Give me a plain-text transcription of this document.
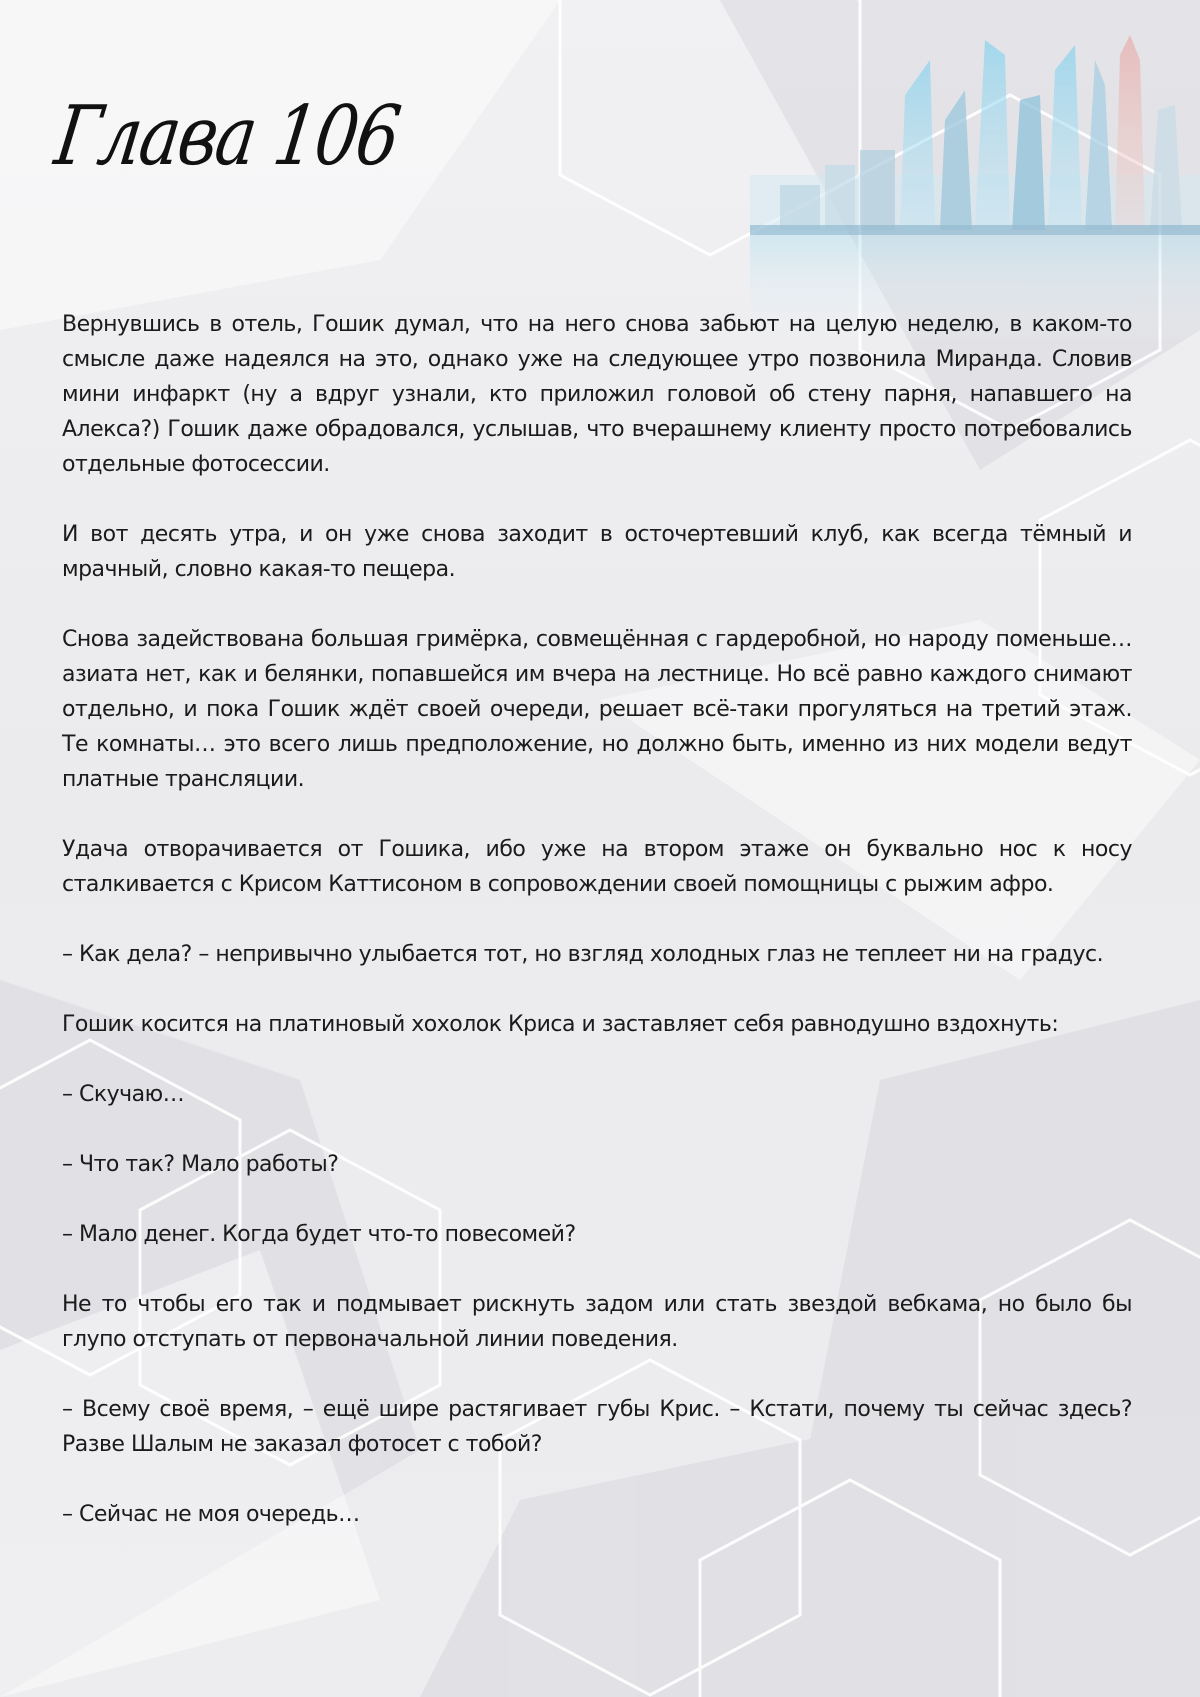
Глава 106

Вернувшись в отель, Гошик думал, что на него снова забьют на целую неделю, в каком-то смысле даже надеялся на это, однако уже на следующее утро позвонила Миранда. Словив мини инфаркт (ну а вдруг узнали, кто приложил головой об стену парня, напавшего на Алекса?) Гошик даже обрадовался, услышав, что вчерашнему клиенту просто потребовались отдельные фотосессии.

И вот десять утра, и он уже снова заходит в осточертевший клуб, как всегда тёмный и мрачный, словно какая-то пещера.

Снова задействована большая гримёрка, совмещённая с гардеробной, но народу поменьше… азиата нет, как и белянки, попавшейся им вчера на лестнице. Но всё равно каждого снимают отдельно, и пока Гошик ждёт своей очереди, решает всё-таки прогуляться на третий этаж. Те комнаты… это всего лишь предположение, но должно быть, именно из них модели ведут платные трансляции.

Удача отворачивается от Гошика, ибо уже на втором этаже он буквально нос к носу сталкивается с Крисом Каттисоном в сопровождении своей помощницы с рыжим афро.

– Как дела? – непривычно улыбается тот, но взгляд холодных глаз не теплеет ни на градус.

Гошик косится на платиновый хохолок Криса и заставляет себя равнодушно вздохнуть:

– Скучаю…

– Что так? Мало работы?

– Мало денег. Когда будет что-то повесомей?

Не то чтобы его так и подмывает рискнуть задом или стать звездой вебкама, но было бы глупо отступать от первоначальной линии поведения.

– Всему своё время, – ещё шире растягивает губы Крис. – Кстати, почему ты сейчас здесь? Разве Шалым не заказал фотосет с тобой?

– Сейчас не моя очередь…
